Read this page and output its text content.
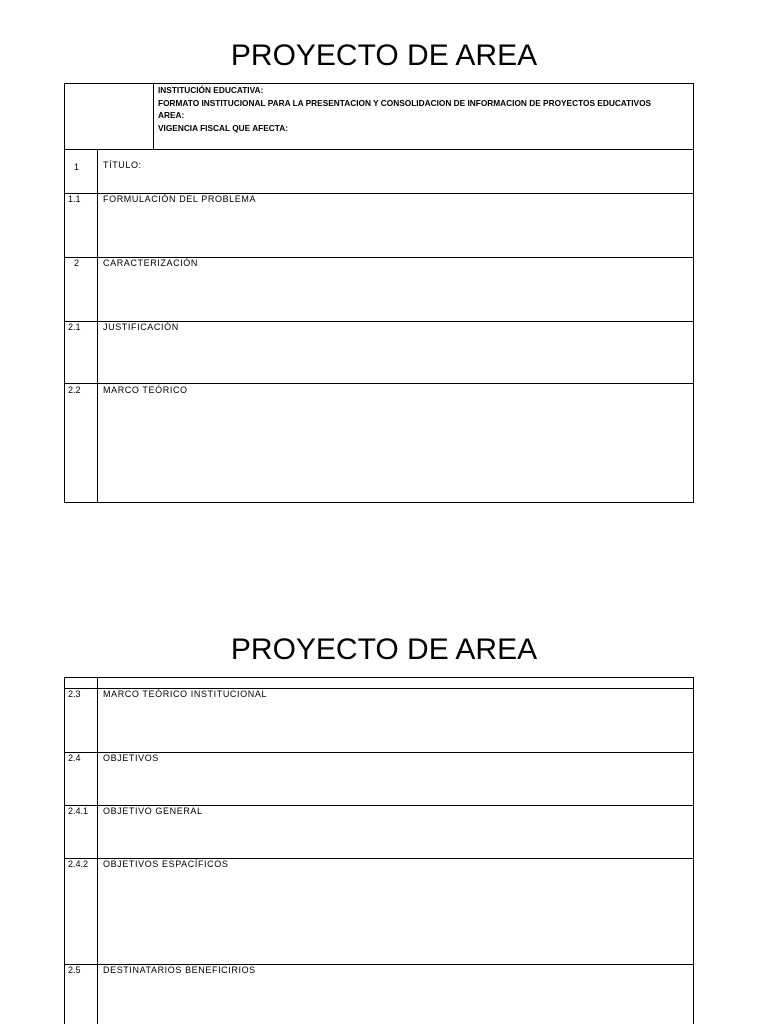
PROYECTO DE AREA
INSTITUCIÓN EDUCATIVA:
FORMATO INSTITUCIONAL PARA LA PRESENTACION Y CONSOLIDACION DE INFORMACION DE PROYECTOS EDUCATIVOS
AREA:
VIGENCIA FISCAL QUE AFECTA:
1	TÍTULO:
1.1 FORMULACIÓN DEL PROBLEMA
2	CARACTERIZACIÓN
2.1 JUSTIFICACIÓN
2.2 MARCO TEÓRICO
PROYECTO DE AREA
2.3 MARCO TEÓRICO INSTITUCIONAL
2.4 OBJETIVOS
2.4.1 OBJETIVO GENERAL
2.4.2 OBJETIVOS ESPACÍFICOS
2.5 DESTINATARIOS BENEFICIRIOS
